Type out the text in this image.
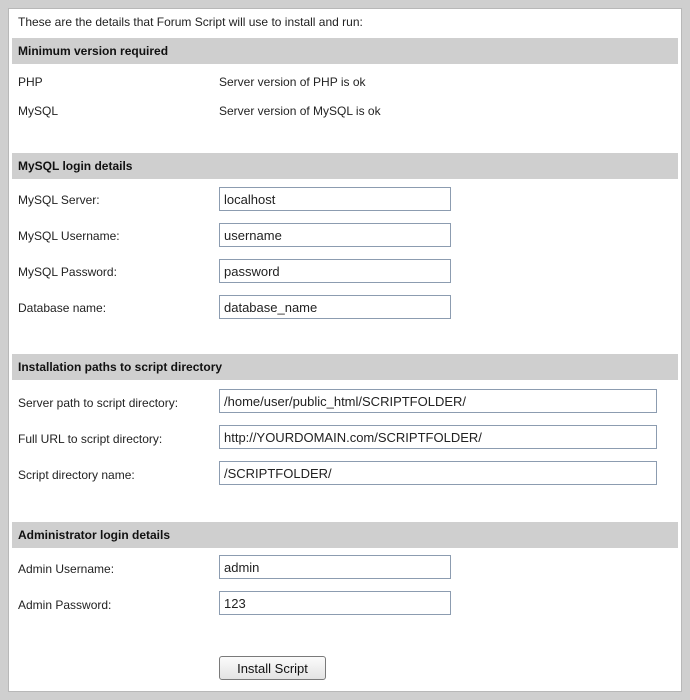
These are the details that Forum Script will use to install and run:
Minimum version required
PHP	Server version of PHP is ok
MySQL	Server version of MySQL is ok
MySQL login details
MySQL Server:
localhost
MySQL Username:
username
MySQL Password:
password
Database name:
database_name
Installation paths to script directory
Server path to script directory:
/home/user/public_html/SCRIPTFOLDER/
Full URL to script directory:
http://YOURDOMAIN.com/SCRIPTFOLDER/
Script directory name:
/SCRIPTFOLDER/
Administrator login details
Admin Username:
admin
Admin Password:
123
Install Script
